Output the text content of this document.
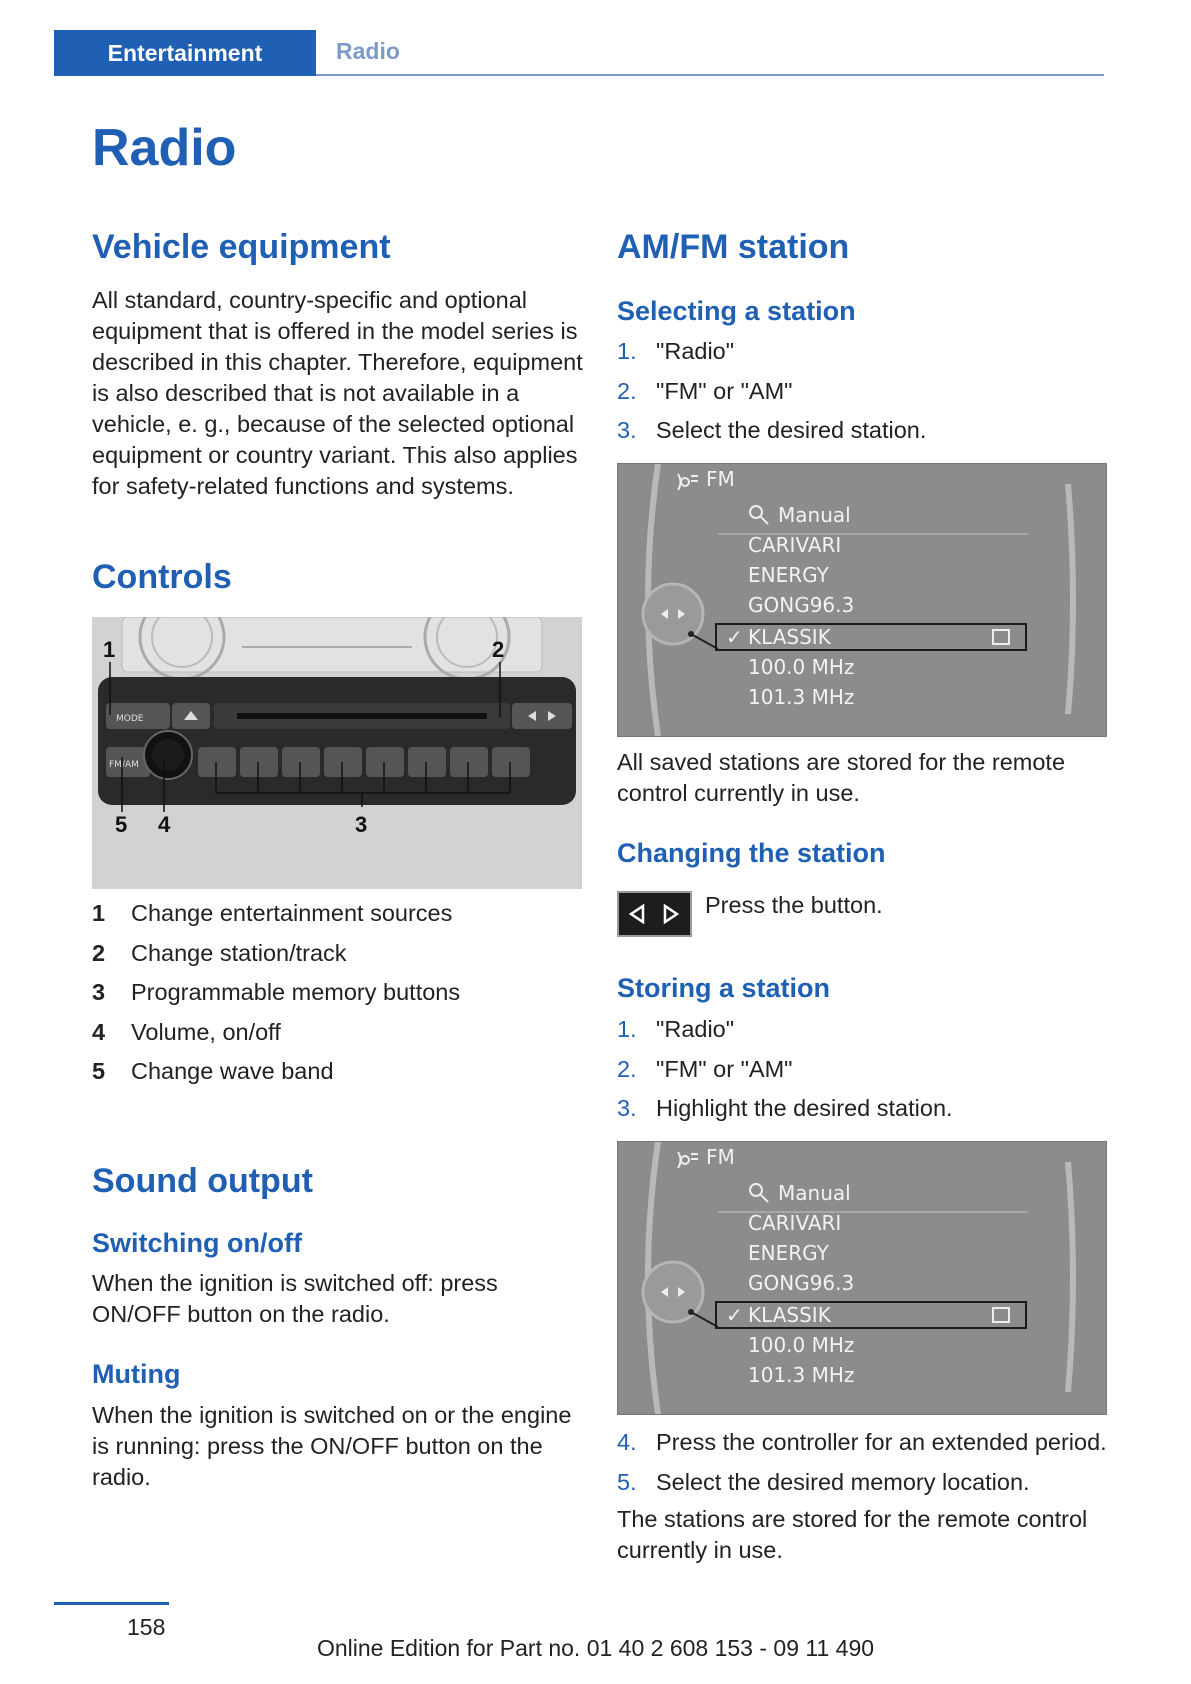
Entertainment	Radio
Radio
Vehicle equipment
All standard, country-specific and optional equipment that is offered in the model series is described in this chapter. Therefore, equipment is also described that is not available in a vehicle, e. g., because of the selected optional equipment or country variant. This also applies for safety-related functions and systems.
Controls
MODE
FM/AM
1	2
3
4
5
1	Change entertainment sources
2	Change station/track
3	Programmable memory buttons
4	Volume, on/off
5	Change wave band
Sound output
Switching on/off
When the ignition is switched off: press ON/OFF button on the radio.
Muting
When the ignition is switched on or the engine is running: press the ON/OFF button on the radio.
AM/FM station
Selecting a station
1. "Radio"
2. "FM" or "AM"
3. Select the desired station.
FM
Manual
CARIVARI
ENERGY
GONG96.3
✓ KLASSIK
100.0 MHz
101.3 MHz
All saved stations are stored for the remote control currently in use.
Changing the station
Press the button.
Storing a station
1. "Radio"
2. "FM" or "AM"
3. Highlight the desired station.
FM
Manual
CARIVARI
ENERGY
GONG96.3
✓ KLASSIK
100.0 MHz
101.3 MHz
4. Press the controller for an extended period.
5. Select the desired memory location.
The stations are stored for the remote control currently in use.
158
Online Edition for Part no. 01 40 2 608 153 - 09 11 490
